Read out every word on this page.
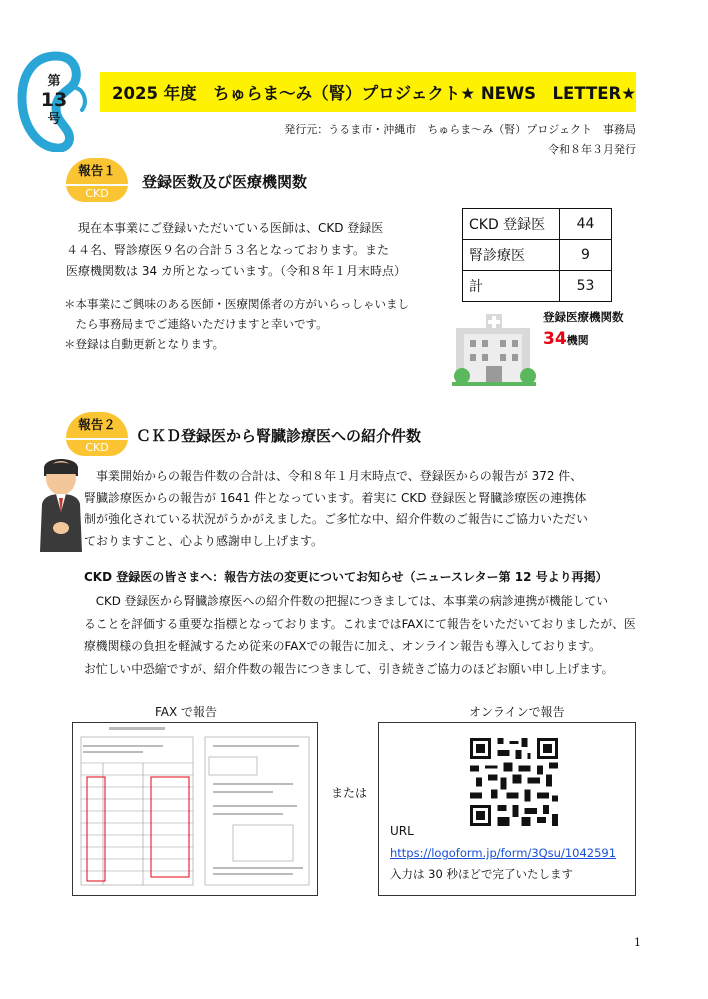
第
13
号
2025 年度　ちゅらま〜み（腎）プロジェクト★ NEWS　LETTER★
発行元：うるま市・沖縄市　ちゅらま〜み（腎）プロジェクト　事務局
令和８年３月発行
報告１
CKD
登録医数及び医療機関数
　現在本事業にご登録いただいている医師は、CKD 登録医
４４名、腎診療医９名の合計５３名となっております。また
医療機関数は 34 カ所となっています。（令和８年１月末時点）
＊本事業にご興味のある医師・医療関係者の方がいらっしゃいまし
　たら事務局までご連絡いただけますと幸いです。
＊登録は自動更新となります。
CKD 登録医	44
腎診療医	9
計	53
登録医療機関数
34機関
報告２
CKD
ＣＫＤ登録医から腎臓診療医への紹介件数
　事業開始からの報告件数の合計は、令和８年１月末時点で、登録医からの報告が 372 件、
腎臓診療医からの報告が 1641 件となっています。着実に CKD 登録医と腎臓診療医の連携体
制が強化されている状況がうかがえました。ご多忙な中、紹介件数のご報告にご協力いただい
ておりますこと、心より感謝申し上げます。
CKD 登録医の皆さまへ：報告方法の変更についてお知らせ（ニュースレター第 12 号より再掲）
　CKD 登録医から腎臓診療医への紹介件数の把握につきましては、本事業の病診連携が機能してい
ることを評価する重要な指標となっております。これまではFAXにて報告をいただいておりましたが、医
療機関様の負担を軽減するため従来のFAXでの報告に加え、オンライン報告も導入しております。
お忙しい中恐縮ですが、紹介件数の報告につきまして、引き続きご協力のほどお願い申し上げます。
FAX で報告	オンラインで報告
または
URL
https://logoform.jp/form/3Qsu/1042591
入力は 30 秒ほどで完了いたします
1
